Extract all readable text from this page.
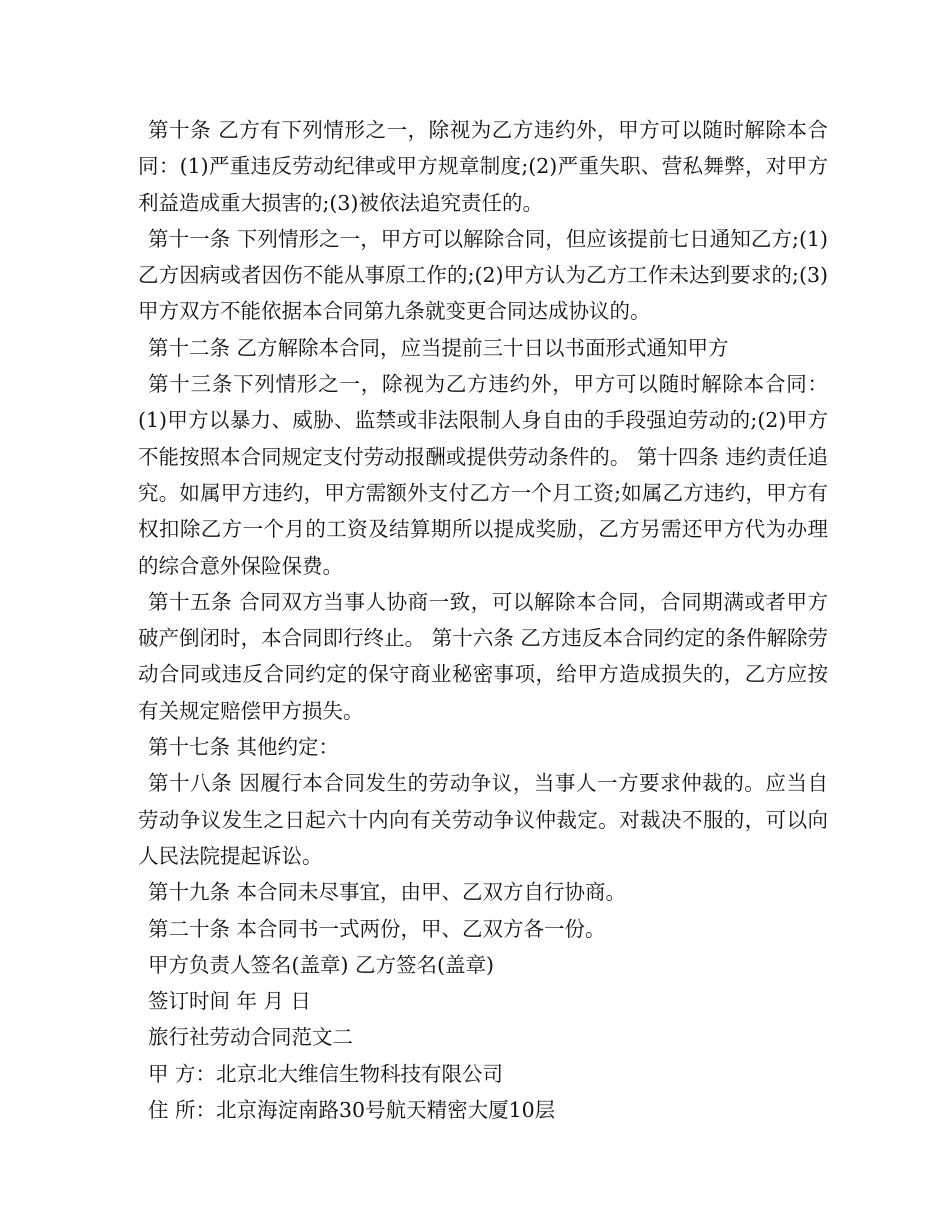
第十条 乙方有下列情形之一，除视为乙方违约外，甲方可以随时解除本合同：(1)严重违反劳动纪律或甲方规章制度;(2)严重失职、营私舞弊，对甲方利益造成重大损害的;(3)被依法追究责任的。

第十一条 下列情形之一，甲方可以解除合同，但应该提前七日通知乙方;(1)乙方因病或者因伤不能从事原工作的;(2)甲方认为乙方工作未达到要求的;(3)甲方双方不能依据本合同第九条就变更合同达成协议的。

第十二条 乙方解除本合同，应当提前三十日以书面形式通知甲方

第十三条下列情形之一，除视为乙方违约外，甲方可以随时解除本合同：(1)甲方以暴力、威胁、监禁或非法限制人身自由的手段强迫劳动的;(2)甲方不能按照本合同规定支付劳动报酬或提供劳动条件的。 第十四条 违约责任追究。如属甲方违约，甲方需额外支付乙方一个月工资;如属乙方违约，甲方有权扣除乙方一个月的工资及结算期所以提成奖励，乙方另需还甲方代为办理的综合意外保险保费。

第十五条 合同双方当事人协商一致，可以解除本合同，合同期满或者甲方破产倒闭时，本合同即行终止。 第十六条 乙方违反本合同约定的条件解除劳动合同或违反合同约定的保守商业秘密事项，给甲方造成损失的，乙方应按有关规定赔偿甲方损失。

第十七条 其他约定：

第十八条 因履行本合同发生的劳动争议，当事人一方要求仲裁的。应当自劳动争议发生之日起六十内向有关劳动争议仲裁定。对裁决不服的，可以向人民法院提起诉讼。

第十九条 本合同未尽事宜，由甲、乙双方自行协商。

第二十条 本合同书一式两份，甲、乙双方各一份。

甲方负责人签名(盖章) 乙方签名(盖章)

签订时间 年 月 日

旅行社劳动合同范文二

甲 方：北京北大维信生物科技有限公司

住 所：北京海淀南路30号航天精密大厦10层
